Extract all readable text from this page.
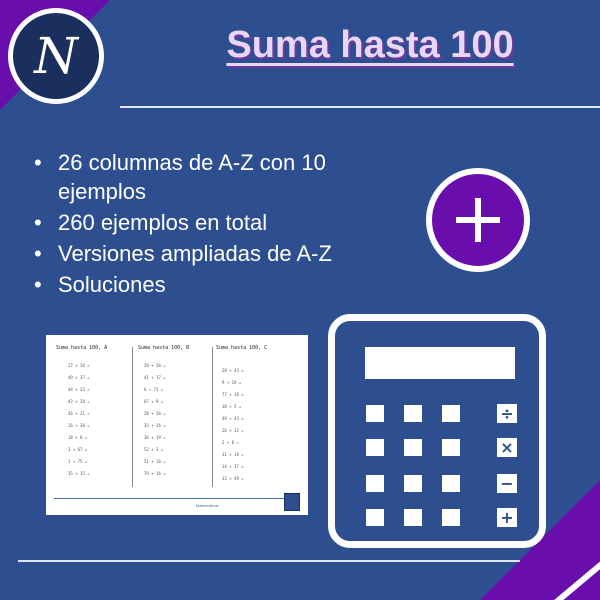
N	Suma hasta 100
• 26 columnas de A-Z con 10 ejemplos
• 260 ejemplos en total
• Versiones ampliadas de A-Z
• Soluciones
Suma hasta 100, A	Suma hasta 100, B	Suma hasta 100, C
27 + 34 =
49 + 37 =
44 + 33 =
43 + 28 =
46 + 21 =
26 + 36 =
18 + 8 =
3 + 67 =
1 + 75 =
35 + 15 =
29 + 36 =
41 + 17 =
6 + 71 =
67 + 9 =
28 + 36 =
35 + 26 =
36 + 19 =
52 + 3 =
51 + 16 =
79 + 16 =
28 + 43 =
9 + 19 =
77 + 16 =
10 + 5 =
49 + 43 =
26 + 12 =
2 + 8 =
31 + 19 =
14 + 37 =
33 + 49 =
Matemáticas
÷
×
−
+
